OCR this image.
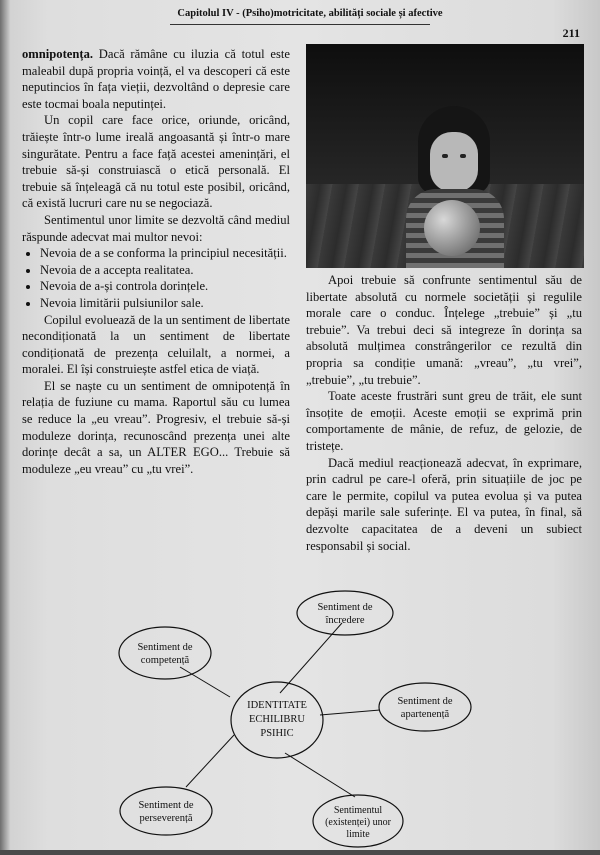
Capitolul IV - (Psiho)motricitate, abilități sociale și afective
211

omnipotența. Dacă rămâne cu iluzia că totul este maleabil după propria voință, el va descoperi că este neputincios în fața vieții, dezvoltând o depresie care este tocmai boala neputinței.

Un copil care face orice, oriunde, oricând, trăiește într-o lume ireală angoasantă și într-o mare singurătate. Pentru a face față acestei amenințări, el trebuie să-și construiască o etică personală. El trebuie să înțeleagă că nu totul este posibil, oricând, că există lucruri care nu se negociază.

Sentimentul unor limite se dezvoltă când mediul răspunde adecvat mai multor nevoi:

• Nevoia de a se conforma la principiul necesității.
• Nevoia de a accepta realitatea.
• Nevoia de a-și controla dorințele.
• Nevoia limitării pulsiunilor sale.

Copilul evoluează de la un sentiment de libertate necondiționată la un sentiment de libertate condiționată de prezența celuilalt, a normei, a moralei. El își construiește astfel etica de viață.

El se naște cu un sentiment de omnipotență în relația de fuziune cu mama. Raportul său cu lumea se reduce la „eu vreau”. Progresiv, el trebuie să-și moduleze dorința, recunoscând prezența unei alte dorințe decât a sa, un ALTER EGO... Trebuie să moduleze „eu vreau” cu „tu vrei”.

Apoi trebuie să confrunte sentimentul său de libertate absolută cu normele societății și regulile morale care o conduc. Înțelege „trebuie” și „tu trebuie”. Va trebui deci să integreze în dorința sa absolută mulțimea constrângerilor ce rezultă din propria sa condiție umană: „vreau”, „tu vrei”, „trebuie”, „tu trebuie”.

Toate aceste frustrări sunt greu de trăit, ele sunt însoțite de emoții. Aceste emoții se exprimă prin comportamente de mânie, de refuz, de gelozie, de tristețe.

Dacă mediul reacționează adecvat, în exprimare, prin cadrul pe care-l oferă, prin situațiile de joc pe care le permite, copilul va putea evolua și va putea depăși marile sale suferințe. El va putea, în final, să dezvolte capacitatea de a deveni un subiect responsabil și social.

IDENTITATE
ECHILIBRU
PSIHIC
Sentiment de
încredere
Sentiment de
competență
Sentiment de
apartenență
Sentiment de
perseverență
Sentimentul
(existenței) unor
limite
